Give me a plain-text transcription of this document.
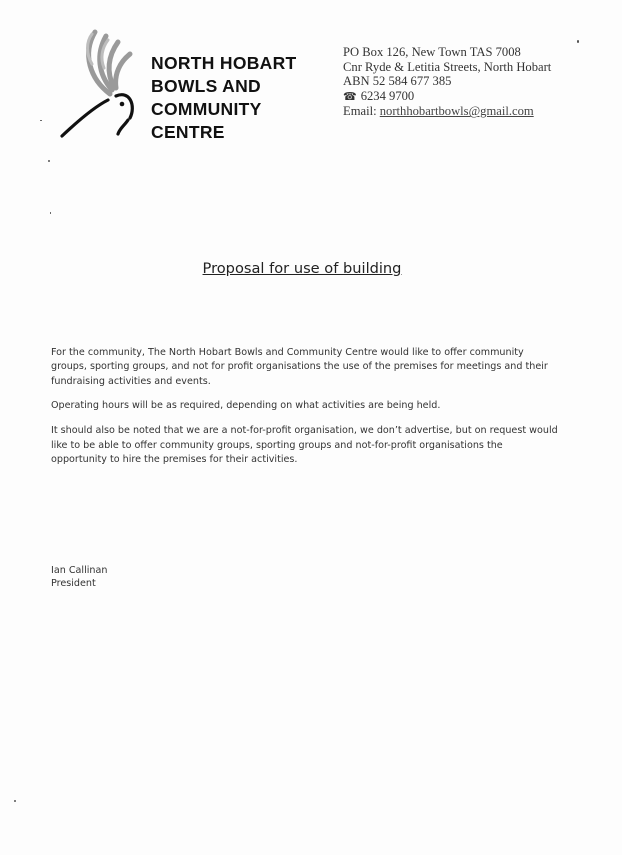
NORTH HOBART
BOWLS AND
COMMUNITY
CENTRE
PO Box 126, New Town TAS 7008
Cnr Ryde & Letitia Streets, North Hobart
ABN 52 584 677 385
☎ 6234 9700
Email: northhobartbowls@gmail.com
Proposal for use of building

For the community, The North Hobart Bowls and Community Centre would like to offer community groups, sporting groups, and not for profit organisations the use of the premises for meetings and their fundraising activities and events.

Operating hours will be as required, depending on what activities are being held.

It should also be noted that we are a not-for-profit organisation, we don’t advertise, but on request would like to be able to offer community groups, sporting groups and not-for-profit organisations the opportunity to hire the premises for their activities.

Ian Callinan
President
